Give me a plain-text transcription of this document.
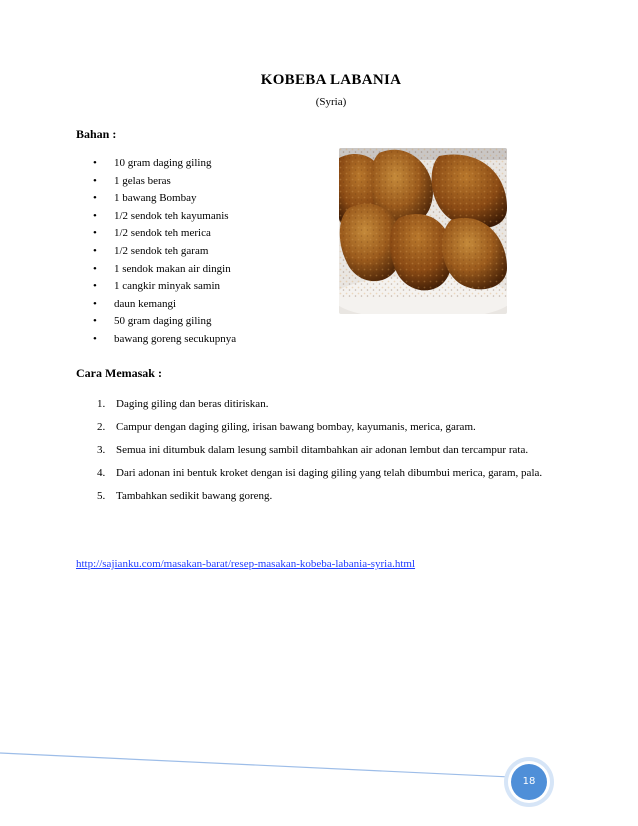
KOBEBA LABANIA
(Syria)
Bahan :
• 10 gram daging giling
• 1 gelas beras
• 1 bawang Bombay
• 1/2 sendok teh kayumanis
• 1/2 sendok teh merica
• 1/2 sendok teh garam
• 1 sendok makan air dingin
• 1 cangkir minyak samin
• daun kemangi
• 50 gram daging giling
• bawang goreng secukupnya
Cara Memasak :
1. Daging giling dan beras ditiriskan.
2. Campur dengan daging giling, irisan bawang bombay, kayumanis, merica, garam.
3. Semua ini ditumbuk dalam lesung sambil ditambahkan air adonan lembut dan tercampur rata.
4. Dari adonan ini bentuk kroket dengan isi daging giling yang telah dibumbui merica, garam, pala.
5. Tambahkan sedikit bawang goreng.
http://sajianku.com/masakan-barat/resep-masakan-kobeba-labania-syria.html
18
